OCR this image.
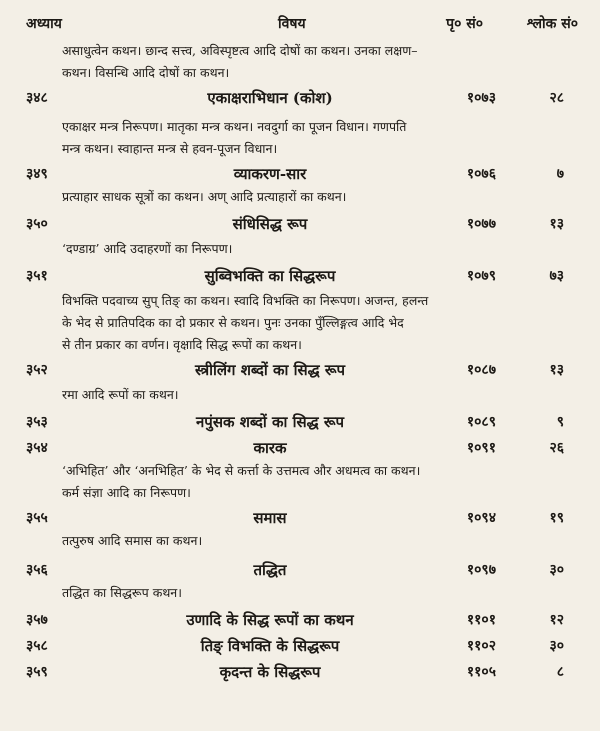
अध्याय	विषय	पृ० सं०	श्लोक सं०
असाधुत्वेन कथन। छान्द सत्त्व, अविस्पृष्टत्व आदि दोषों का कथन। उनका लक्षण–
कथन। विसन्धि आदि दोषों का कथन।
३४८	एकाक्षराभिधान (कोश)	१०७३	२८
एकाक्षर मन्त्र निरूपण। मातृका मन्त्र कथन। नवदुर्गा का पूजन विधान। गणपति
मन्त्र कथन। स्वाहान्त मन्त्र से हवन-पूजन विधान।
३४९	व्याकरण-सार	१०७६	७
प्रत्याहार साधक सूत्रों का कथन। अण् आदि प्रत्याहारों का कथन।
३५०	संधिसिद्ध रूप	१०७७	१३
‘दण्डाग्र’ आदि उदाहरणों का निरूपण।
३५१	सुब्विभक्ति का सिद्धरूप	१०७९	७३
विभक्ति पदवाच्य सुप् तिङ् का कथन। स्वादि विभक्ति का निरूपण। अजन्त, हलन्त
के भेद से प्रातिपदिक का दो प्रकार से कथन। पुनः उनका पुँल्लिङ्गत्व आदि भेद
से तीन प्रकार का वर्णन। वृक्षादि सिद्ध रूपों का कथन।
३५२	स्त्रीलिंग शब्दों का सिद्ध रूप	१०८७	१३
रमा आदि रूपों का कथन।
३५३	नपुंसक शब्दों का सिद्ध रूप	१०८९	९
३५४	कारक	१०९१	२६
‘अभिहित’ और ‘अनभिहित’ के भेद से कर्त्ता के उत्तमत्व और अधमत्व का कथन।
कर्म संज्ञा आदि का निरूपण।
३५५	समास	१०९४	१९
तत्पुरुष आदि समास का कथन।
३५६	तद्धित	१०९७	३०
तद्धित का सिद्धरूप कथन।
३५७	उणादि के सिद्ध रूपों का कथन	११०१	१२
३५८	तिङ् विभक्ति के सिद्धरूप	११०२	३०
३५९	कृदन्त के सिद्धरूप	११०५	८
